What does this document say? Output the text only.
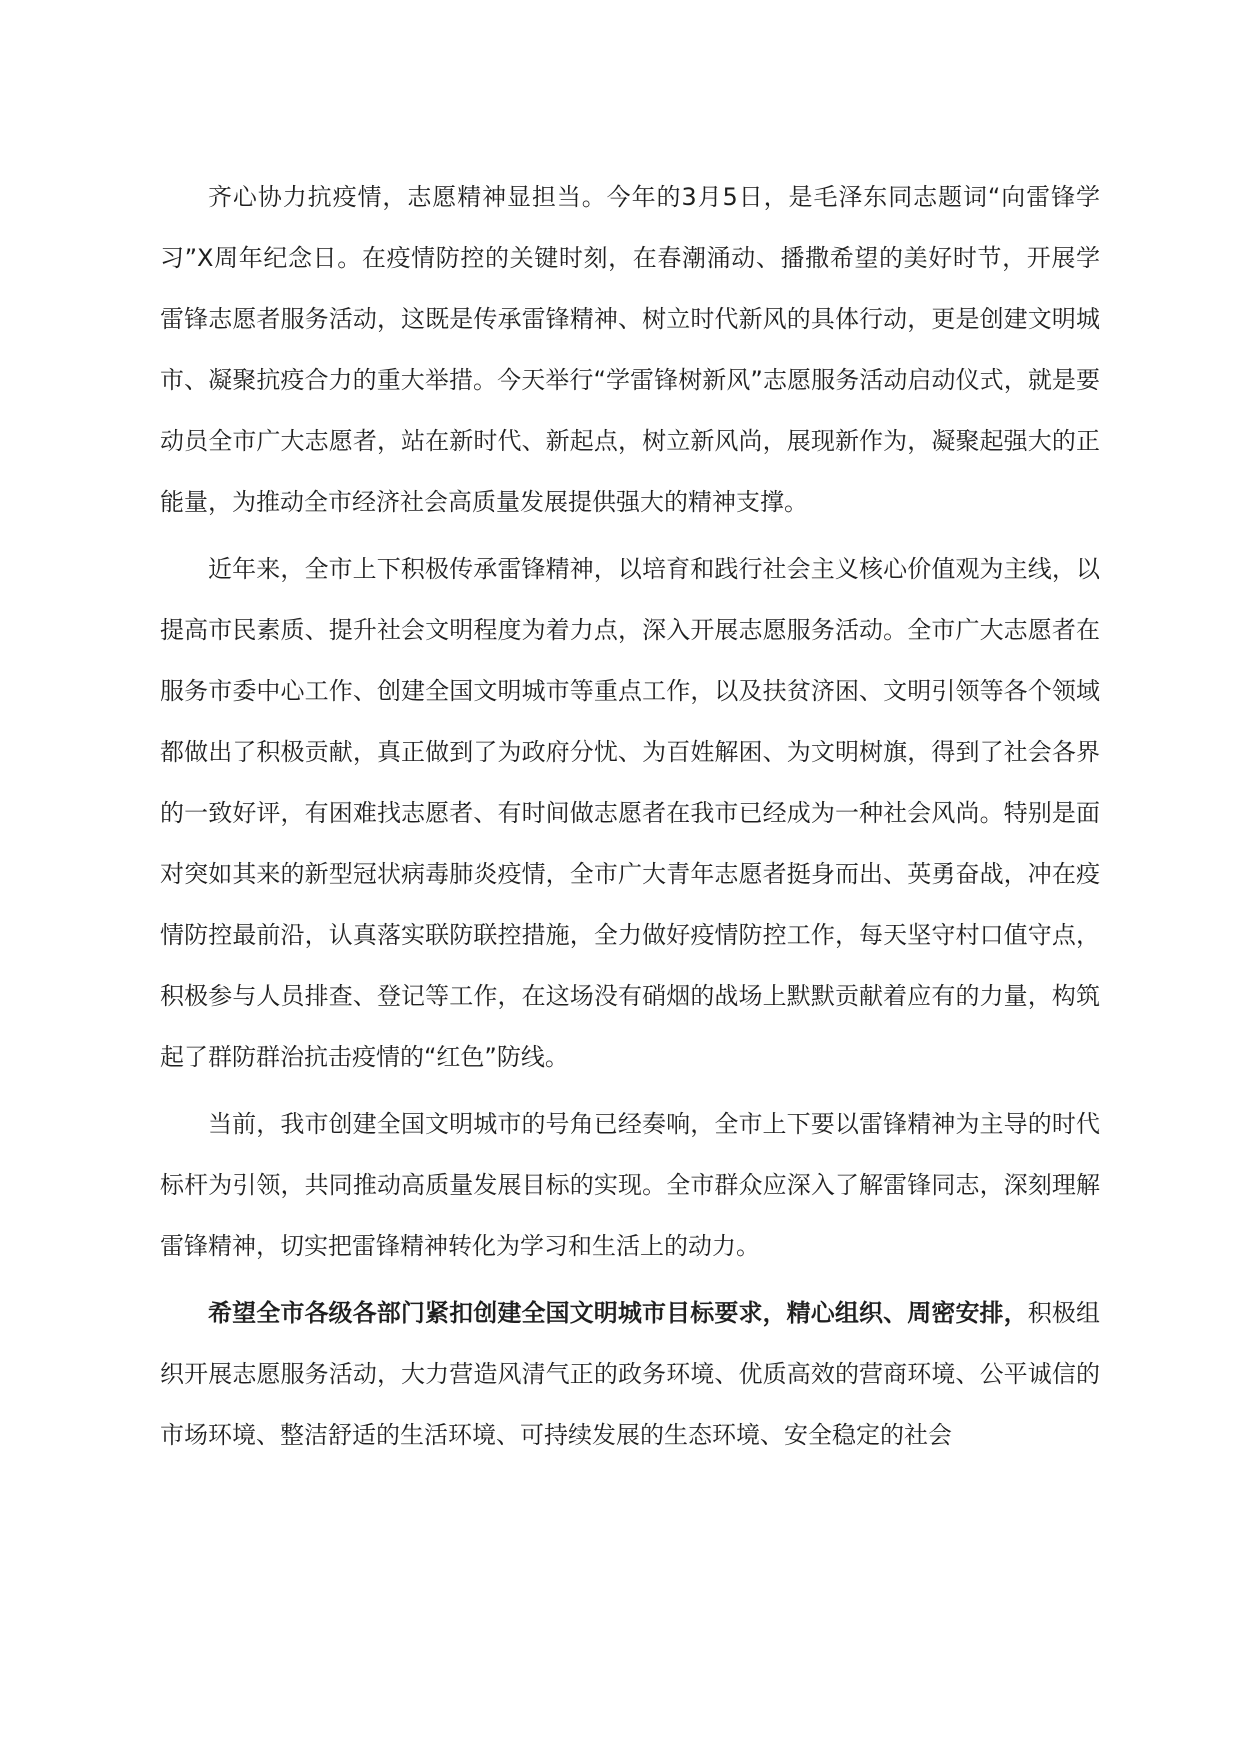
齐心协力抗疫情，志愿精神显担当。今年的3月5日，是毛泽东同志题词“向雷锋学习”X周年纪念日。在疫情防控的关键时刻，在春潮涌动、播撒希望的美好时节，开展学雷锋志愿者服务活动，这既是传承雷锋精神、树立时代新风的具体行动，更是创建文明城市、凝聚抗疫合力的重大举措。今天举行“学雷锋树新风”志愿服务活动启动仪式，就是要动员全市广大志愿者，站在新时代、新起点，树立新风尚，展现新作为，凝聚起强大的正能量，为推动全市经济社会高质量发展提供强大的精神支撑。

近年来，全市上下积极传承雷锋精神，以培育和践行社会主义核心价值观为主线，以提高市民素质、提升社会文明程度为着力点，深入开展志愿服务活动。全市广大志愿者在服务市委中心工作、创建全国文明城市等重点工作，以及扶贫济困、文明引领等各个领域都做出了积极贡献，真正做到了为政府分忧、为百姓解困、为文明树旗，得到了社会各界的一致好评，有困难找志愿者、有时间做志愿者在我市已经成为一种社会风尚。特别是面对突如其来的新型冠状病毒肺炎疫情，全市广大青年志愿者挺身而出、英勇奋战，冲在疫情防控最前沿，认真落实联防联控措施，全力做好疫情防控工作，每天坚守村口值守点，积极参与人员排查、登记等工作，在这场没有硝烟的战场上默默贡献着应有的力量，构筑起了群防群治抗击疫情的“红色”防线。

当前，我市创建全国文明城市的号角已经奏响，全市上下要以雷锋精神为主导的时代标杆为引领，共同推动高质量发展目标的实现。全市群众应深入了解雷锋同志，深刻理解雷锋精神，切实把雷锋精神转化为学习和生活上的动力。

希望全市各级各部门紧扣创建全国文明城市目标要求，精心组织、周密安排，积极组织开展志愿服务活动，大力营造风清气正的政务环境、优质高效的营商环境、公平诚信的市场环境、整洁舒适的生活环境、可持续发展的生态环境、安全稳定的社会
